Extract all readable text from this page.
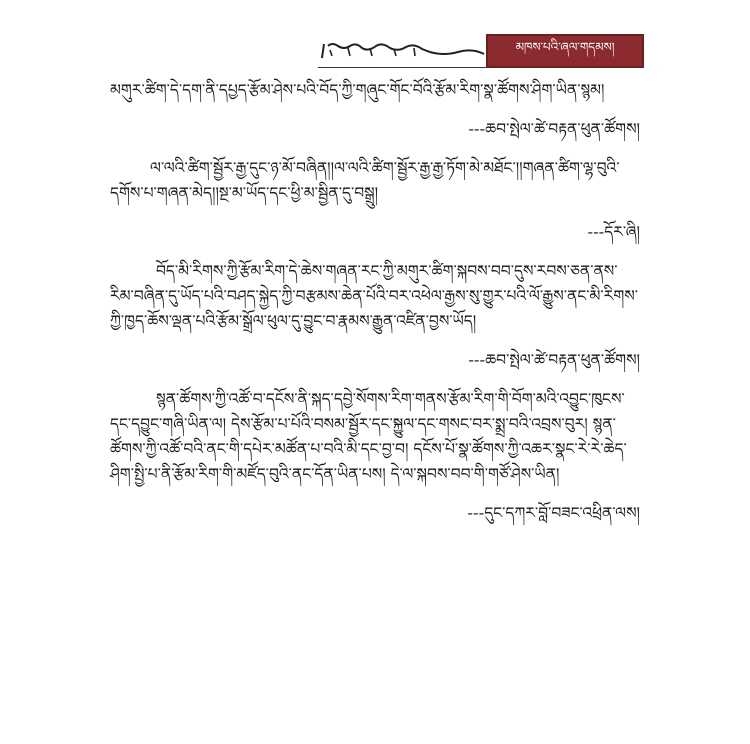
མཁས་པའི་ཞལ་གདམས།

མགུར་ཚིག་དེ་དག་ནི་དཔྱད་རྩོམ་ཤེས་པའི་བོད་ཀྱི་གཞུང་གོང་བོའི་རྩོམ་རིག་སྣ་ཚོགས་ཤིག་ཡིན་སྙམ།

---ཆབ་སྤེལ་ཚེ་བརྟན་ཕུན་ཚོགས།

ལ་ལའི་ཚིག་སྦྱོར་རྒྱ་དུང་ཉ་མོ་བཞིན།།ལ་ལའི་ཚིག་སྦྱོར་རྒྱ་རྒྱ་ཏོག་མེ་མཐོང་།།གཞན་ཚིག་ལྷ་བུའི་དགོས་པ་གཞན་མེད།།སྔ་མ་ཡོད་དང་ཕྱི་མ་སྦྱིན་དུ་བསྒྲུ།

---དོར་ཞི།

བོད་མི་རིགས་ཀྱི་རྩོམ་རིག་དེ་ཆེས་གཞན་རང་ཀྱི་མགུར་ཚིག་སྐབས་བབ་དུས་རབས་ཅན་ནས་རིམ་བཞིན་དུ་ཡོད་པའི་བཤད་སྐྱེད་ཀྱི་བརྩམས་ཆེན་པོའི་བར་འཕེལ་རྒྱས་སུ་གྱུར་པའི་ལོ་རྒྱུས་ནང་མི་རིགས་ཀྱི་ཁྱད་ཆོས་ལྡན་པའི་རྩོམ་སྒྲོལ་ཕུལ་དུ་བྱུང་བ་རྣམས་རྒྱུན་འཛིན་བྱས་ཡོད།

---ཆབ་སྤེལ་ཚེ་བརྟན་ཕུན་ཚོགས།

སྙན་ཚོགས་ཀྱི་འཚོ་བ་དངོས་ནི་སྐད་དབྱེ་སོགས་རིག་གནས་རྩོམ་རིག་གི་བོག་མའི་འབྱུང་ཁུངས་དང་དབྱུང་གཞི་ཡིན་ལ། དེས་རྩོམ་པ་པོའི་བསམ་སྦྱོར་དང་སྐྱུལ་དང་གསང་བར་སྨྲ་བའི་འབྲས་བུར། སྙན་ཚོགས་ཀྱི་འཚོ་བའི་ནང་གི་དཔེར་མཚོན་པ་བའི་མི་དང་བྱ་བ། དངོས་པོ་སྣ་ཚོགས་ཀྱི་འཆར་སྣང་རེ་རེ་ཆེད་ཤིག་སྤྱི་པ་ནི་རྩོམ་རིག་གི་མཛོད་བུའི་ནང་དོན་ཡིན་པས། དེ་ལ་སྐབས་བབ་གི་གཙོ་ཤེས་ཡིན།

---དུང་དཀར་བློ་བཟང་འཕྲིན་ལས།
